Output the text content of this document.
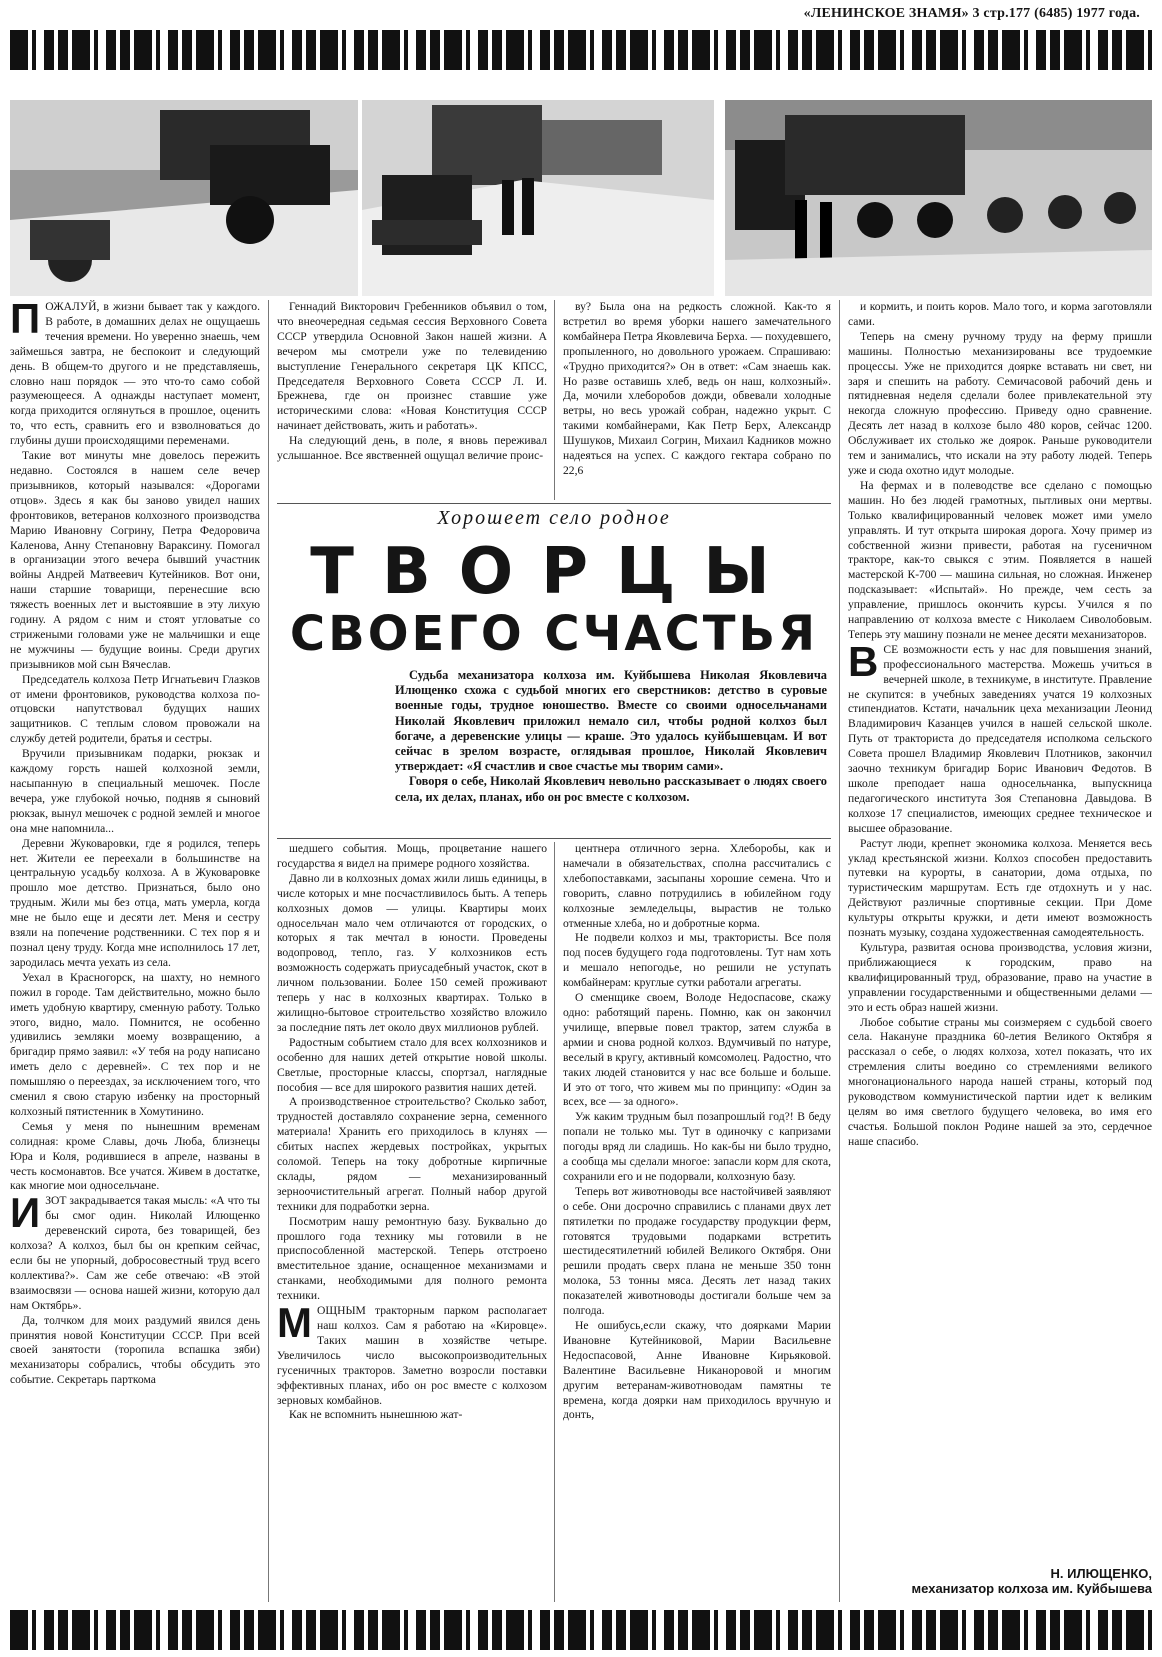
«ЛЕНИНСКОЕ ЗНАМЯ» 3 стр.177 (6485) 1977 года.

ПОЖАЛУЙ, в жизни бывает так у каждого. В работе, в домашних делах не ощущаешь течения времени. Но уверенно знаешь, чем займешься завтра, не беспокоит и следующий день. В общем-то другого и не представляешь, словно наш порядок — это что-то само собой разумеющееся. А однажды наступает момент, когда приходится оглянуться в прошлое, оценить то, что есть, сравнить его и взволноваться до глубины души происходящими переменами.

Такие вот минуты мне довелось пережить недавно. Состоялся в нашем селе вечер призывников, который назывался: «Дорогами отцов». Здесь я как бы заново увидел наших фронтовиков, ветеранов колхозного производства Марию Ивановну Согрину, Петра Федоровича Каленова, Анну Степановну Варaксину. Помогал в организации этого вечера бывший участник войны Андрей Матвеевич Кутейников. Вот они, наши старшие товарищи, перенесшие всю тяжесть военных лет и выстоявшие в эту лихую годину. А рядом с ним и стоят угловатые со стрижеными головами уже не мальчишки и еще не мужчины — будущие воины. Среди других призывников мой сын Вячеслав.

Председатель колхоза Петр Игнатьевич Глазков от имени фронтовиков, руководства колхоза по-отцовски напутствовал будущих наших защитников. С теплым словом провожали на службу детей родители, братья и сестры.

Вручили призывникам подарки, рюкзак и каждому горсть нашей колхозной земли, насыпанную в специальный мешочек. После вечера, уже глубокой ночью, подняв я сыновий рюкзак, вынул мешочек с родной землей и многое она мне напомнила...

Деревни Жуковаровки, где я родился, теперь нет. Жители ее переехали в большинстве на центральную усадьбу колхоза. А в Жуковаровке прошло мое детство. Признаться, было оно трудным. Жили мы без отца, мать умерла, когда мне не было еще и десяти лет. Меня и сестру взяли на попечение родственники. С тех пор я и познал цену труду. Когда мне исполнилось 17 лет, зародилась мечта уехать из села.

Уехал в Красногорск, на шахту, но немного пожил в городе. Там действительно, можно было иметь удобную квартиру, сменную работу. Только этого, видно, мало. Помнится, не особенно удивились земляки моему возвращению, а бригадир прямо заявил: «У тебя на роду написано иметь дело с деревней». С тех пор и не помышляю о переездах, за исключением того, что сменил я свою старую избенку на просторный колхозный пятистенник в Хомутинино.

Семья у меня по нынешним временам солидная: кроме Славы, дочь Люба, близнецы Юра и Коля, родившиеся в апреле, названы в честь космонавтов. Все учатся. Живем в достатке, как многие мои односельчане.

ИЗОТ закрадывается такая мысль: «А что ты бы смог один. Николай Илющенко деревенский сирота, без товарищей, без колхоза? А колхоз, был бы он крепким сейчас, если бы не упорный, добросовестный труд всего коллектива?». Сам же себе отвечаю: «В этой взаимосвязи — основа нашей жизни, которую дал нам Октябрь».

Да, толчком для моих раздумий явился день принятия новой Конституции СССР. При всей своей занятости (торопила вспашка зяби) механизаторы собрались, чтобы обсудить это событие. Секретарь парткома

Геннадий Викторович Гребенников объявил о том, что внеочередная седьмая сессия Верховного Совета СССР утвердила Основной Закон нашей жизни. А вечером мы смотрели уже по телевидению выступление Генерального секретаря ЦК КПСС, Председателя Верховного Совета СССР Л. И. Брежнева, где он произнес ставшие уже историческими слова: «Новая Конституция СССР начинает действовать, жить и работать».

На следующий день, в поле, я вновь переживал услышанное. Все явственней ощущал величие проис-

ву? Была она на редкость сложной. Как-то я встретил во время уборки нашего замечательного комбайнера Петра Яковлевича Берха. — похудевшего, пропыленного, но довольного урожаем. Спрашиваю: «Трудно приходится?» Он в ответ: «Сам знаешь как. Но разве оставишь хлеб, ведь он наш, колхозный». Да, мочили хлеборобов дожди, обвевали холодные ветры, но весь урожай собран, надежно укрыт. С такими комбайнерами, Как Петр Берх, Александр Шушуков, Михаил Согрин, Михаил Кадников можно надеяться на успех. С каждого гектара собрано по 22,6

Хорошеет село родное
ТВОРЦЫ
СВОЕГО СЧАСТЬЯ

Судьба механизатора колхоза им. Куйбышева Николая Яковлевича Илющенко схожа с судьбой многих его сверстников: детство в суровые военные годы, трудное юношество. Вместе со своими односельчанами Николай Яковлевич приложил немало сил, чтобы родной колхоз был богаче, а деревенские улицы — краше. Это удалось куйбышевцам. И вот сейчас в зрелом возрасте, оглядывая прошлое, Николай Яковлевич утверждает: «Я счастлив и свое счастье мы творим сами».

Говоря о себе, Николай Яковлевич невольно рассказывает о людях своего села, их делах, планах, ибо он рос вместе с колхозом.

шедшего события. Мощь, процветание нашего государства я видел на примере родного хозяйства.

Давно ли в колхозных домах жили лишь единицы, в числе которых и мне посчастливилось быть. А теперь колхозных домов — улицы. Квартиры моих односельчан мало чем отличаются от городских, о которых я так мечтал в юности. Проведены водопровод, тепло, газ. У колхозников есть возможность содержать приусадебный участок, скот в личном пользовании. Более 150 семей проживают теперь у нас в колхозных квартирах. Только в жилищно-бытовое строительство хозяйство вложило за последние пять лет около двух миллионов рублей.

Радостным событием стало для всех колхозников и особенно для наших детей открытие новой школы. Светлые, просторные классы, спортзал, наглядные пособия — все для широкого развития наших детей.

А производственное строительство? Сколько забот, трудностей доставляло сохранение зерна, семенного материала! Хранить его приходилось в клунях — сбитых наспех жердевых постройках, укрытых соломой. Теперь на току добротные кирпичные склады, рядом — механизированный зерноочистительный агрегат. Полный набор другой техники для подработки зерна.

Посмотрим нашу ремонтную базу. Буквально до прошлого года технику мы готовили в не приспособленной мастерской. Теперь отстроено вместительное здание, оснащенное механизмами и станками, необходимыми для полного ремонта техники.

МОЩНЫМ тракторным парком располагает наш колхоз. Сам я работаю на «Кировце». Таких машин в хозяйстве четыре. Увеличилось число высокопроизводительных гусеничных тракторов. Заметно возросли поставки эффективных планах, ибо он рос вместе с колхозом зерновых комбайнов.

Как не вспомнить нынешнюю жат-

центнера отличного зерна. Хлеборобы, как и намечали в обязательствах, сполна рассчитались с хлебопоставками, засыпаны хорошие семена. Что и говорить, славно потрудились в юбилейном году колхозные земледельцы, вырастив не только отменные хлеба, но и добротные корма.

Не подвели колхоз и мы, трактористы. Все поля под посев будущего года подготовлены. Тут нам хоть и мешало непогодье, но решили не уступать комбайнерам: круглые сутки работали агрегаты.

О сменщике своем, Володе Недоспасове, скажу одно: работящий парень. Помню, как он закончил училище, впервые повел трактор, затем служба в армии и снова родной колхоз. Вдумчивый по натуре, веселый в кругу, активный комсомолец. Радостно, что таких людей становится у нас все больше и больше. И это от того, что живем мы по принципу: «Один за всех, все — за одного».

Уж каким трудным был позапрошлый год?! В беду попали не только мы. Тут в одиночку с капризами погоды вряд ли сладишь. Но как-бы ни было трудно, а сообща мы сделали многое: запасли корм для скота, сохранили его и не подорвали, колхозную базу.

Теперь вот животноводы все настойчивей заявляют о себе. Они досрочно справились с планами двух лет пятилетки по продаже государству продукции ферм, готовятся трудовыми подарками встретить шестидесятилетний юбилей Великого Октября. Они решили продать сверх плана не меньше 350 тонн молока, 53 тонны мяса. Десять лет назад таких показателей животноводы достигали больше чем за полгода.

Не ошибусь,если скажу, что доярками Марии Ивановне Кутейниковой, Марии Васильевне Недоспасовой, Анне Ивановне Кирьяковой. Валентине Васильевне Никаноровой и многим другим ветеранам-животноводам памятны те времена, когда доярки нам приходилось вручную и донть,

и кормить, и поить коров. Мало того, и корма заготовляли сами.

Теперь на смену ручному труду на ферму пришли машины. Полностью механизированы все трудоемкие процессы. Уже не приходится доярке вставать ни свет, ни заря и спешить на работу. Семичасовой рабочий день и пятидневная неделя сделали более привлекательной эту некогда сложную профессию. Приведу одно сравнение. Десять лет назад в колхозе было 480 коров, сейчас 1200. Обслуживает их столько же доярок. Раньше руководители тем и занимались, что искали на эту работу людей. Теперь уже и сюда охотно идут молодые.

На фермах и в полеводстве все сделано с помощью машин. Но без людей грамотных, пытливых они мертвы. Только квалифицированный человек может ими умело управлять. И тут открыта широкая дорога. Хочу пример из собственной жизни привести, работая на гусеничном тракторе, как-то свыкся с этим. Появляется в нашей мастерской К-700 — машина сильная, но сложная. Инженер подсказывает: «Испытай». Но прежде, чем сесть за управление, пришлось окончить курсы. Учился я по направлению от колхоза вместе с Николаем Сиволобовым. Теперь эту машину познали не менее десяти механизаторов.

ВСЕ возможности есть у нас для повышения знаний, профессионального мастерства. Можешь учиться в вечерней школе, в техникуме, в институте. Правление не скупится: в учебных заведениях учатся 19 колхозных стипендиатов. Кстати, начальник цеха механизации Леонид Владимирович Казанцев учился в нашей сельской школе. Путь от тракториста до председателя исполкома сельского Совета прошел Владимир Яковлевич Плотников, закончил заочно техникум бригадир Борис Иванович Федотов. В школе преподает наша односельчанка, выпускница педагогического института Зоя Степановна Давыдова. В колхозе 17 специалистов, имеющих среднее техническое и высшее образование.

Растут люди, крепнет экономика колхоза. Меняется весь уклад крестьянской жизни. Колхоз способен предоставить путевки на курорты, в санатории, дома отдыха, по туристическим маршрутам. Есть где отдохнуть и у нас. Действуют различные спортивные секции. При Доме культуры открыты кружки, и дети имеют возможность познать музыку, создана художественная самодеятельность.

Культура, развитая основа производства, условия жизни, приближающиеся к городским, право на квалифицированный труд, образование, право на участие в управлении государственными и общественными делами — это и есть образ нашей жизни.

Любое событие страны мы соизмеряем с судьбой своего села. Накануне праздника 60-летия Великого Октября я рассказал о себе, о людях колхоза, хотел показать, что их стремления слиты воедино со стремлениями великого многонационального народа нашей страны, который под руководством коммунистической партии идет к великим целям во имя светлого будущего человека, во имя его счастья. Большой поклон Родине нашей за это, сердечное наше спасибо.

Н. ИЛЮЩЕНКО,
механизатор колхоза им. Куйбышева
